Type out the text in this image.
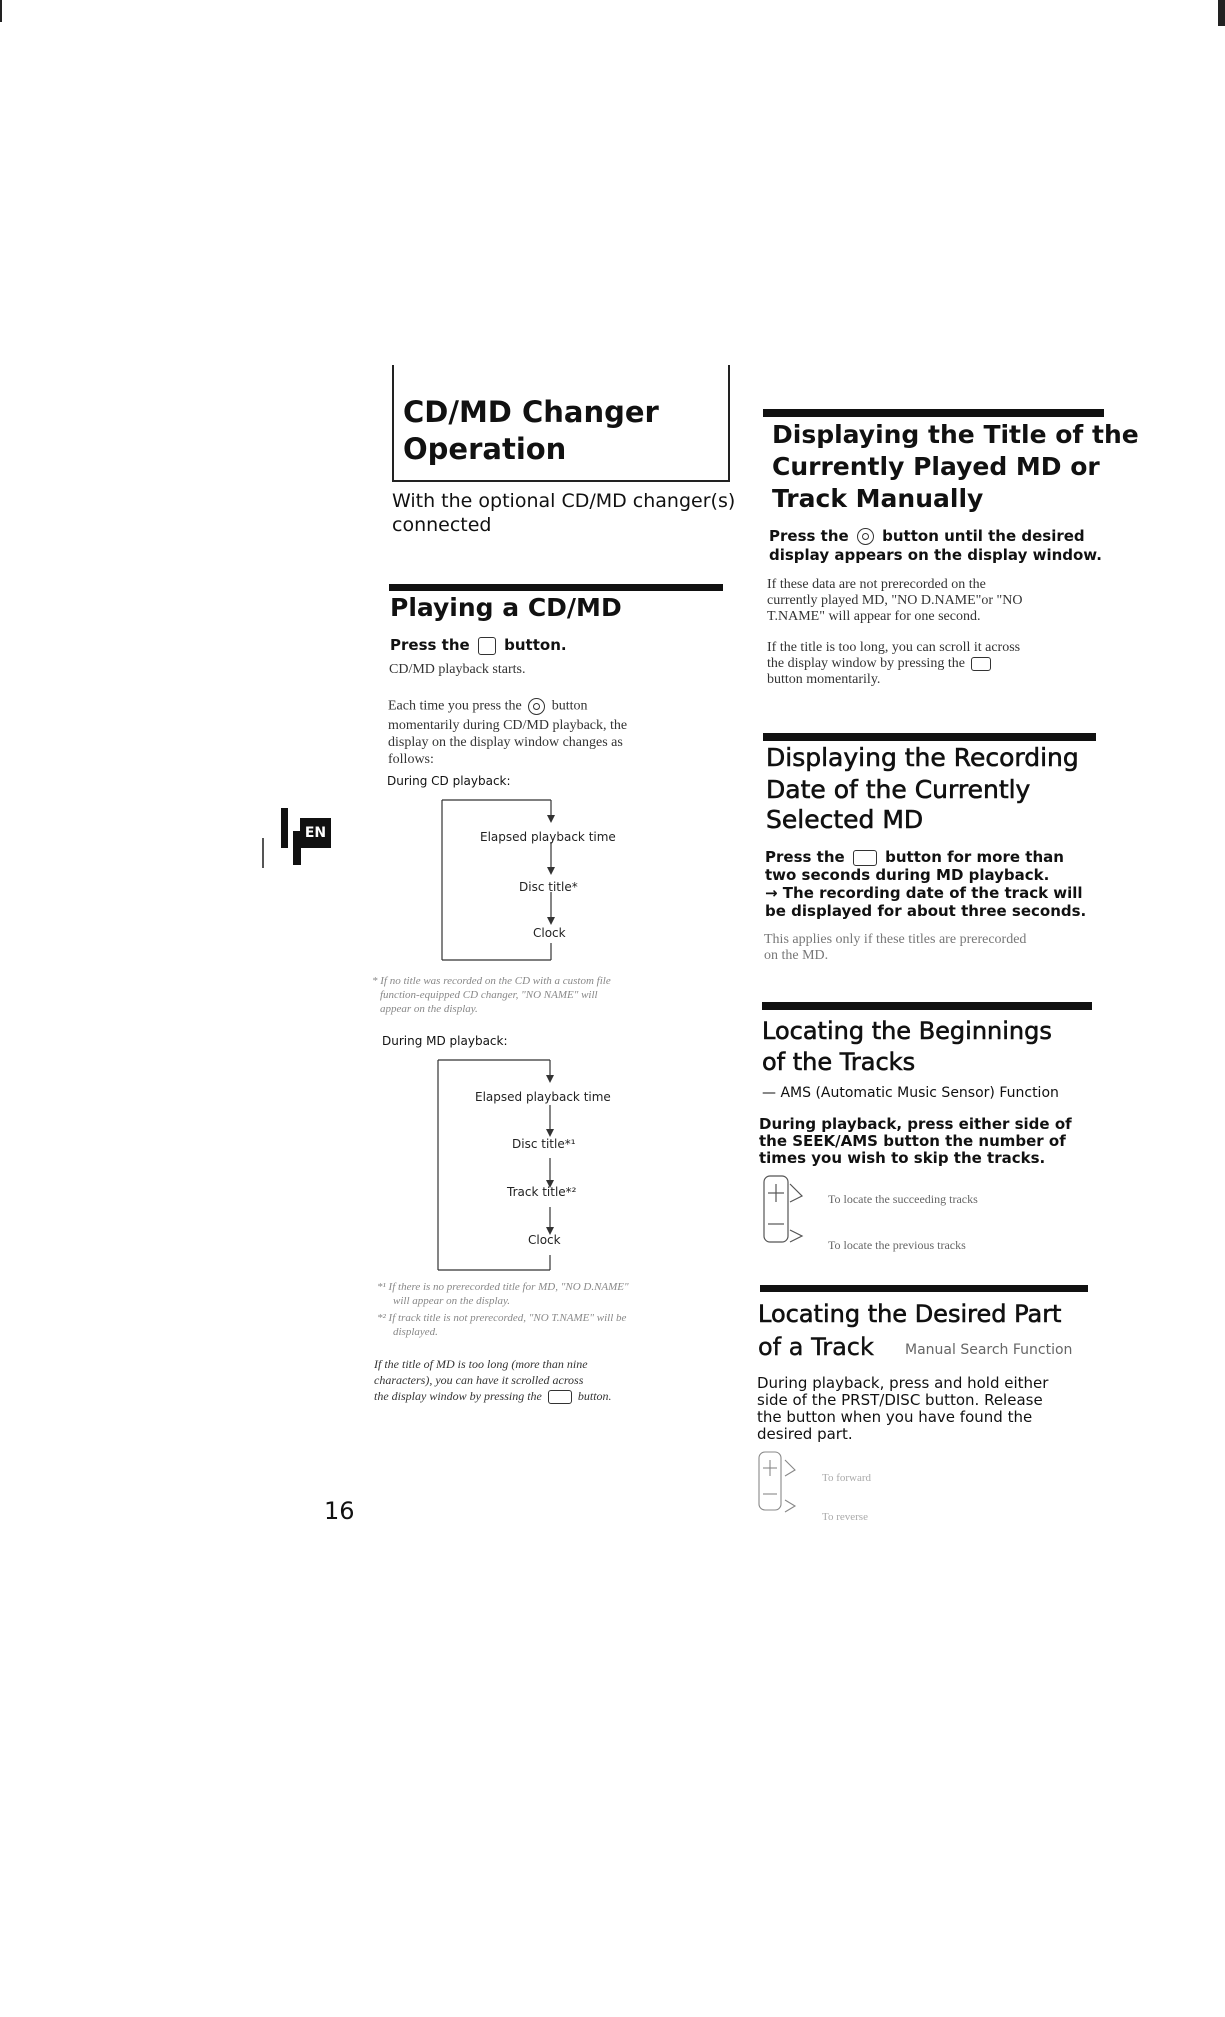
CD/MD Changer
Operation
With the optional CD/MD changer(s)
connected
Playing a CD/MD
Press the button.
CD/MD playback starts.
Each time you press the button
momentarily during CD/MD playback, the
display on the display window changes as
follows:
During CD playback:
Elapsed playback time
Disc title*
Clock
* If no title was recorded on the CD with a custom file
function-equipped CD changer, "NO NAME" will
appear on the display.
During MD playback:
Elapsed playback time
Disc title*¹
Track title*²
Clock
*¹ If there is no prerecorded title for MD, "NO D.NAME"
will appear on the display.
*² If track title is not prerecorded, "NO T.NAME" will be
displayed.
If the title of MD is too long (more than nine
characters), you can have it scrolled across
the display window by pressing the	button.
16
EN
Displaying the Title of the
Currently Played MD or
Track Manually
Press the button until the desired
display appears on the display window.
If these data are not prerecorded on the
currently played MD, "NO D.NAME"or "NO
T.NAME" will appear for one second.
If the title is too long, you can scroll it across
the display window by pressing the
button momentarily.
Displaying the Recording
Date of the Currently
Selected MD
Press the	button for more than
two seconds during MD playback.
→ The recording date of the track will
be displayed for about three seconds.
This applies only if these titles are prerecorded
on the MD.
Locating the Beginnings
of the Tracks
— AMS (Automatic Music Sensor) Function
During playback, press either side of
the SEEK/AMS button the number of
times you wish to skip the tracks.
To locate the succeeding tracks
To locate the previous tracks
Locating the Desired Part
of a Track Manual Search Function
During playback, press and hold either
side of the PRST/DISC button. Release
the button when you have found the
desired part.
To forward
To reverse
